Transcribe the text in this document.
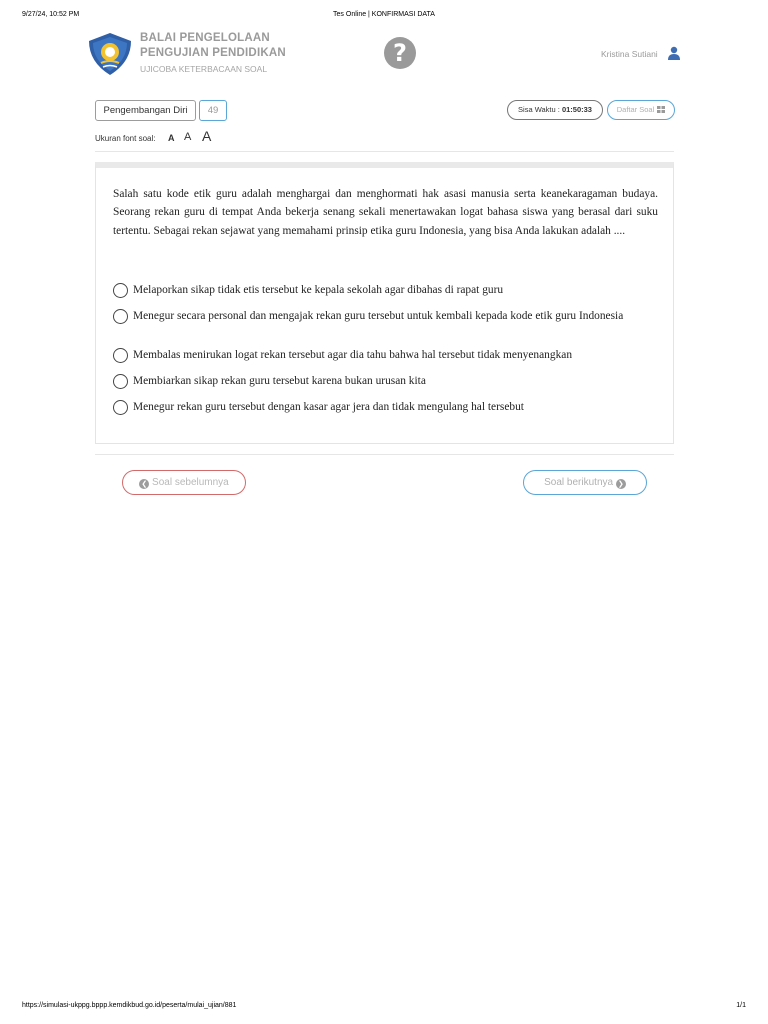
9/27/24, 10:52 PM	Tes Online | KONFIRMASI DATA
BALAI PENGELOLAAN PENGUJIAN PENDIDIKAN
UJICOBA KETERBACAAN SOAL
?	Kristina Sutiani
Pengembangan Diri	49	Sisa Waktu : 01:50:33	Daftar Soal
Ukuran font soal: A A A
Salah satu kode etik guru adalah menghargai dan menghormati hak asasi manusia serta keanekaragaman budaya. Seorang rekan guru di tempat Anda bekerja senang sekali menertawakan logat bahasa siswa yang berasal dari suku tertentu. Sebagai rekan sejawat yang memahami prinsip etika guru Indonesia, yang bisa Anda lakukan adalah ....
Melaporkan sikap tidak etis tersebut ke kepala sekolah agar dibahas di rapat guru
Menegur secara personal dan mengajak rekan guru tersebut untuk kembali kepada kode etik guru Indonesia
Membalas menirukan logat rekan tersebut agar dia tahu bahwa hal tersebut tidak menyenangkan
Membiarkan sikap rekan guru tersebut karena bukan urusan kita
Menegur rekan guru tersebut dengan kasar agar jera dan tidak mengulang hal tersebut
❮ Soal sebelumnya	Soal berikutnya ❯
https://simulasi-ukppg.bppp.kemdikbud.go.id/peserta/mulai_ujian/881	1/1
